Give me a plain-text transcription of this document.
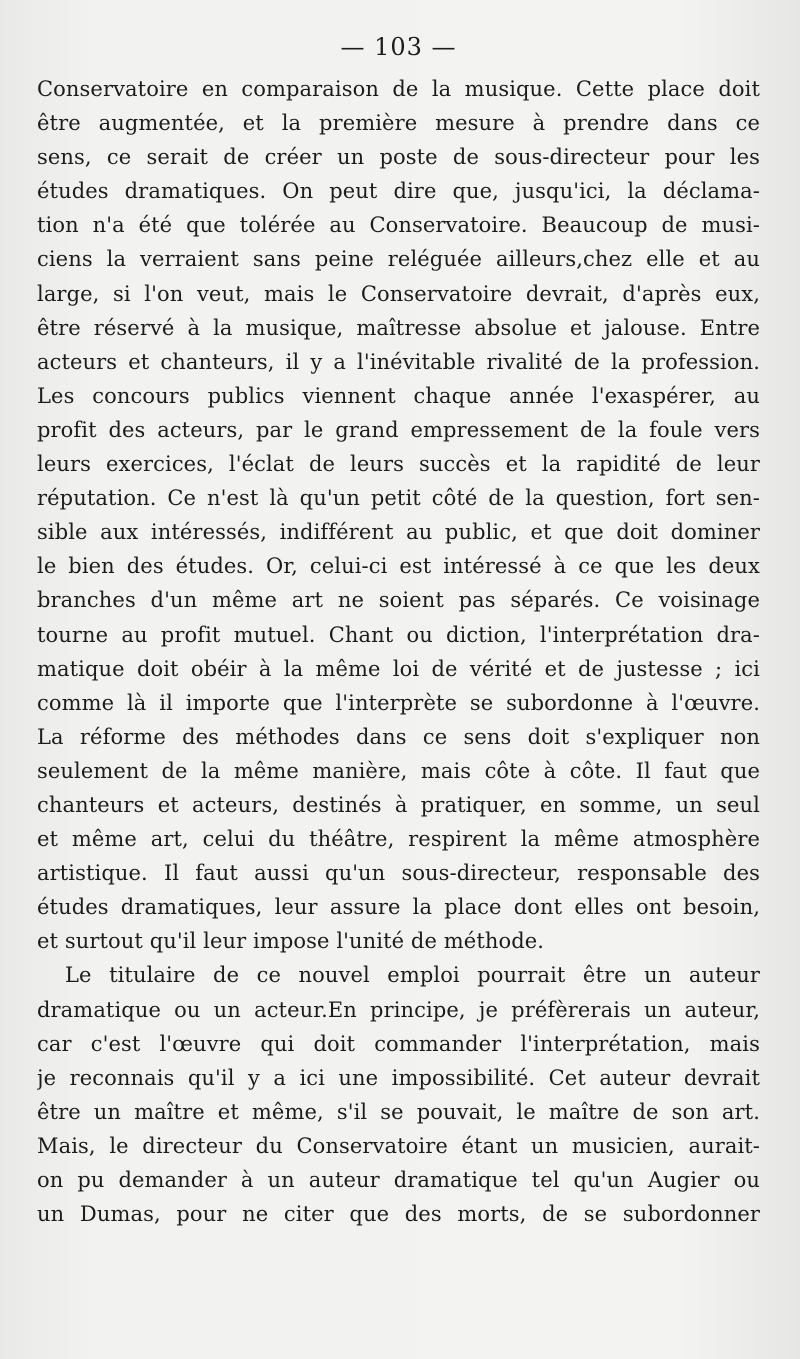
— 103 —
Conservatoire en comparaison de la musique. Cette place doit
être augmentée, et la première mesure à prendre dans ce
sens, ce serait de créer un poste de sous-directeur pour les
études dramatiques. On peut dire que, jusqu'ici, la déclama-
tion n'a été que tolérée au Conservatoire. Beaucoup de musi-
ciens la verraient sans peine reléguée ailleurs,chez elle et au
large, si l'on veut, mais le Conservatoire devrait, d'après eux,
être réservé à la musique, maîtresse absolue et jalouse. Entre
acteurs et chanteurs, il y a l'inévitable rivalité de la profession.
Les concours publics viennent chaque année l'exaspérer, au
profit des acteurs, par le grand empressement de la foule vers
leurs exercices, l'éclat de leurs succès et la rapidité de leur
réputation. Ce n'est là qu'un petit côté de la question, fort sen-
sible aux intéressés, indifférent au public, et que doit dominer
le bien des études. Or, celui-ci est intéressé à ce que les deux
branches d'un même art ne soient pas séparés. Ce voisinage
tourne au profit mutuel. Chant ou diction, l'interprétation dra-
matique doit obéir à la même loi de vérité et de justesse ; ici
comme là il importe que l'interprète se subordonne à l'œuvre.
La réforme des méthodes dans ce sens doit s'expliquer non
seulement de la même manière, mais côte à côte. Il faut que
chanteurs et acteurs, destinés à pratiquer, en somme, un seul
et même art, celui du théâtre, respirent la même atmosphère
artistique. Il faut aussi qu'un sous-directeur, responsable des
études dramatiques, leur assure la place dont elles ont besoin,
et surtout qu'il leur impose l'unité de méthode.
Le titulaire de ce nouvel emploi pourrait être un auteur
dramatique ou un acteur.En principe, je préfèrerais un auteur,
car c'est l'œuvre qui doit commander l'interprétation, mais
je reconnais qu'il y a ici une impossibilité. Cet auteur devrait
être un maître et même, s'il se pouvait, le maître de son art.
Mais, le directeur du Conservatoire étant un musicien, aurait-
on pu demander à un auteur dramatique tel qu'un Augier ou
un Dumas, pour ne citer que des morts, de se subordonner
